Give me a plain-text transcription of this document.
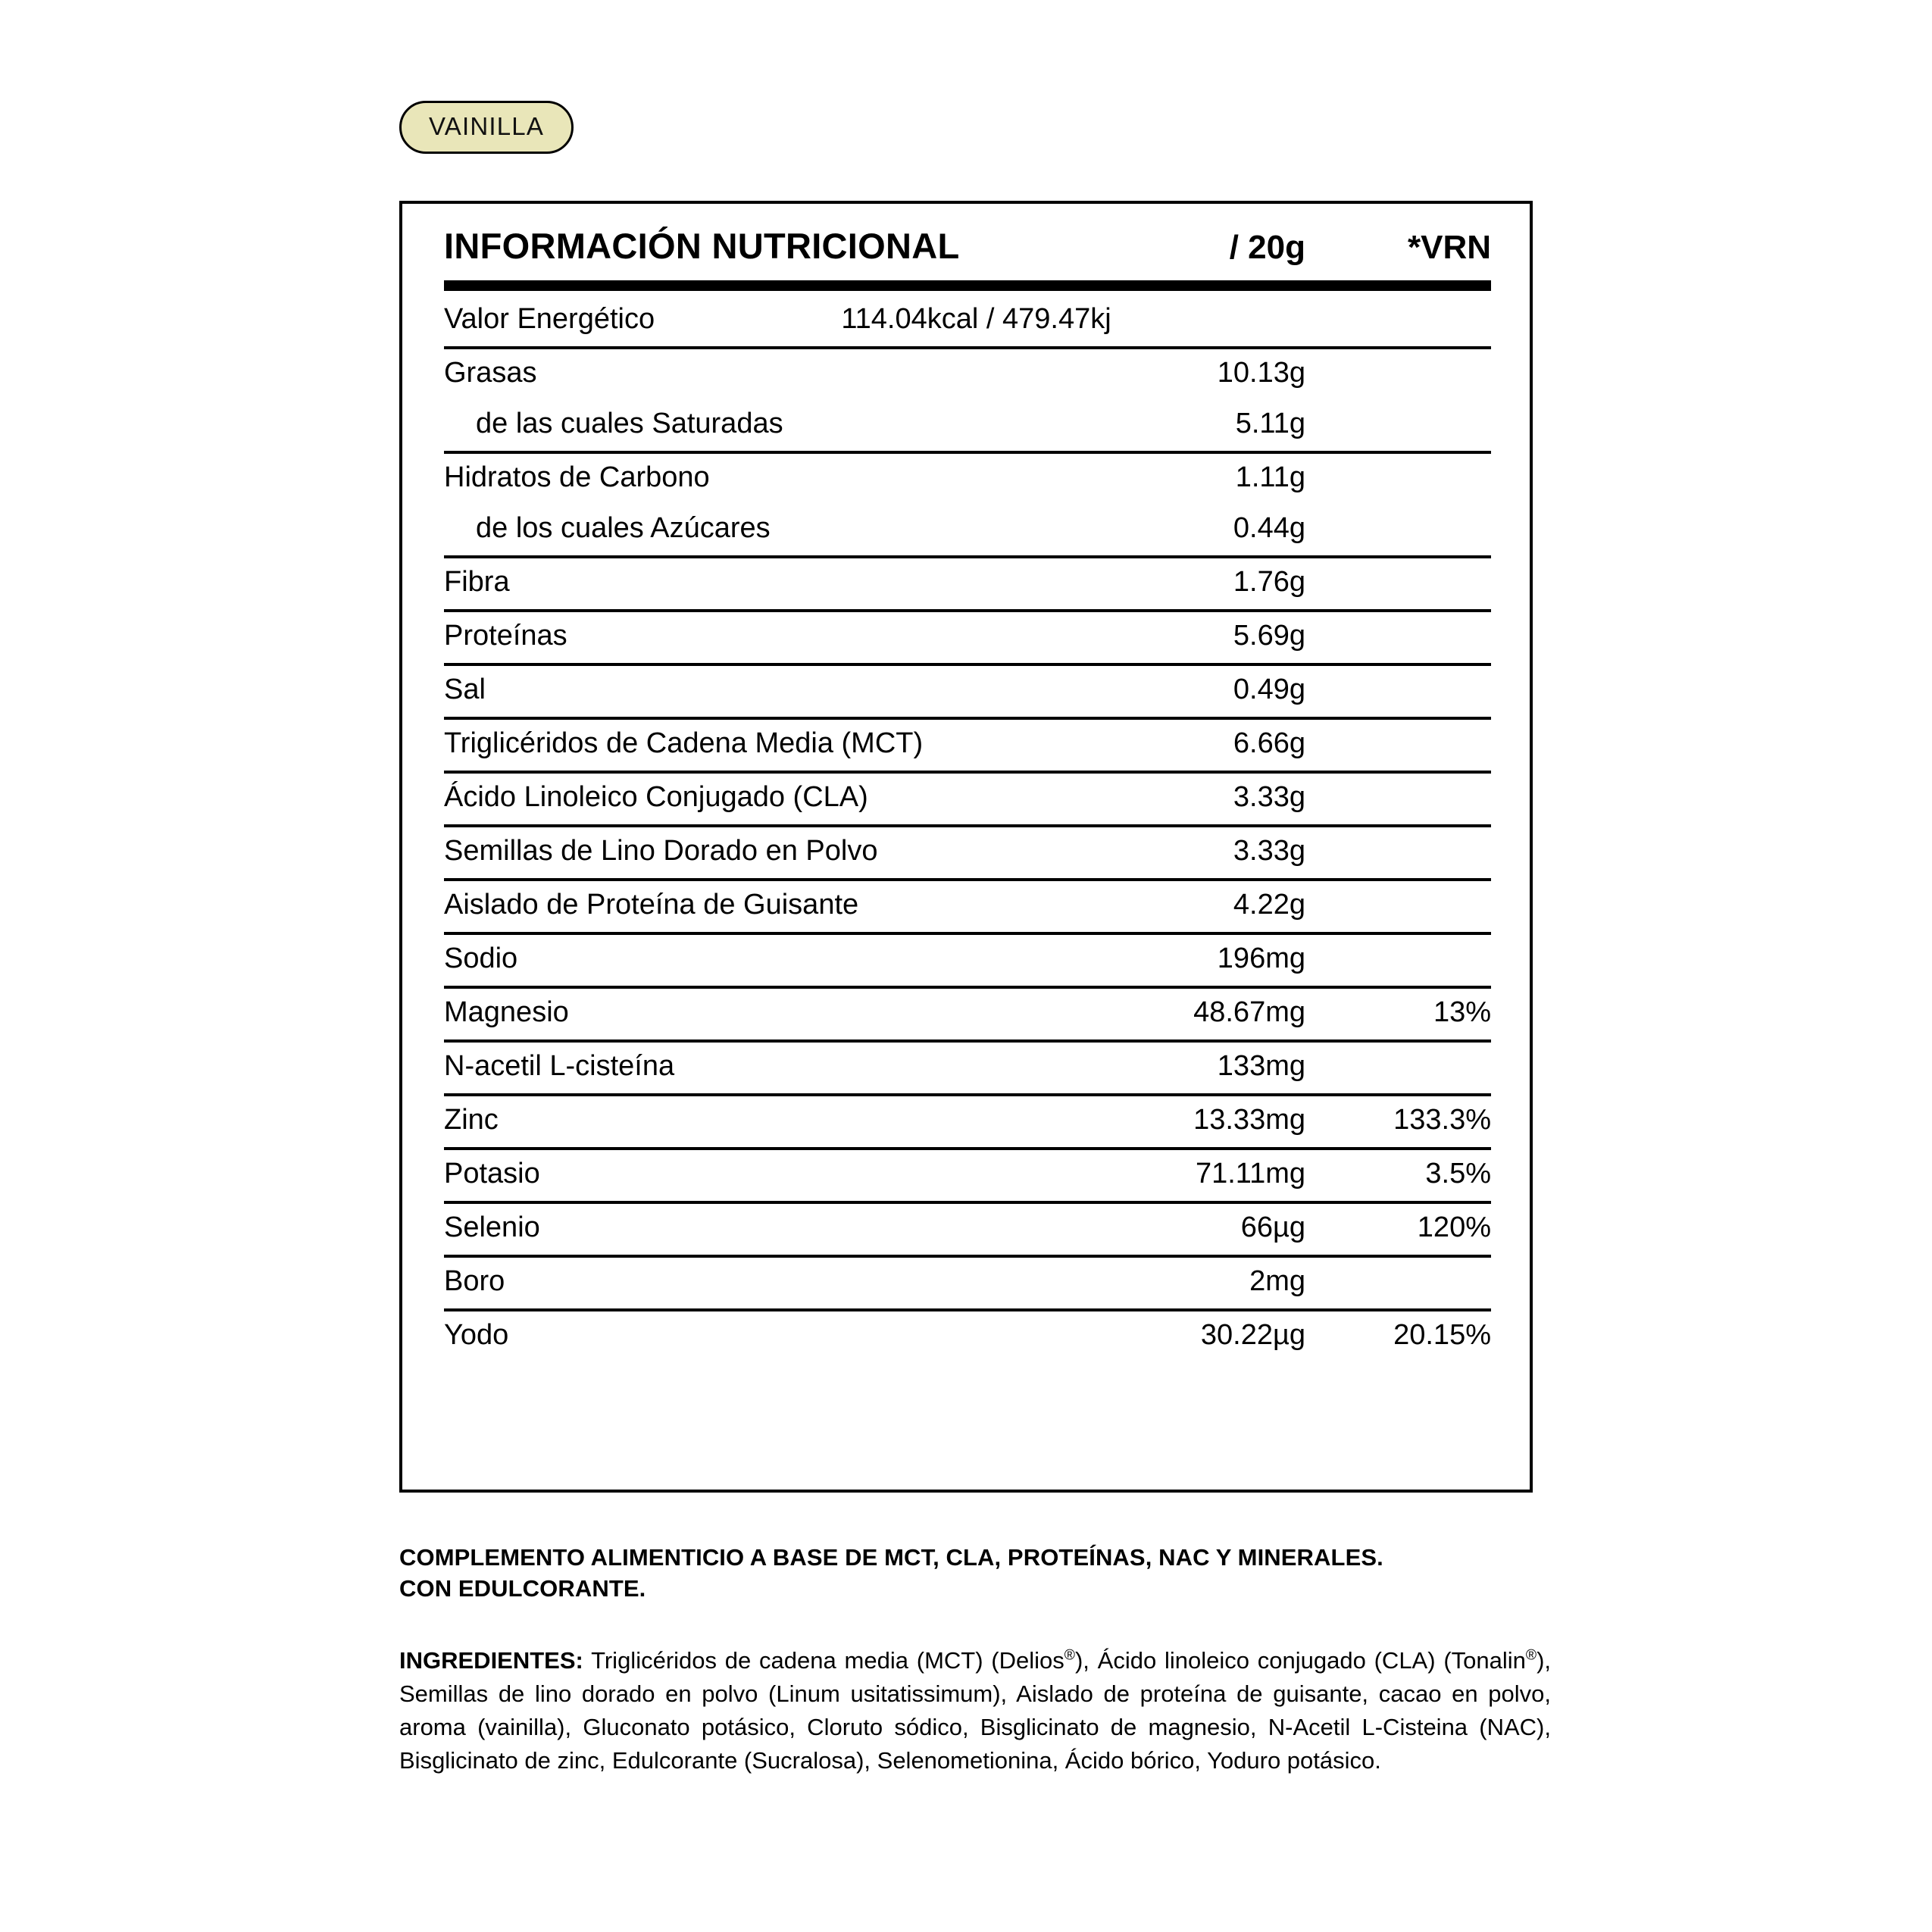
VAINILLA
INFORMACIÓN NUTRICIONAL	/ 20g	*VRN
Valor Energético	114.04kcal / 479.47kj
Grasas	10.13g
de las cuales Saturadas	5.11g
Hidratos de Carbono	1.11g
de los cuales Azúcares	0.44g
Fibra	1.76g
Proteínas	5.69g
Sal	0.49g
Triglicéridos de Cadena Media (MCT)	6.66g
Ácido Linoleico Conjugado (CLA)	3.33g
Semillas de Lino Dorado en Polvo	3.33g
Aislado de Proteína de Guisante	4.22g
Sodio	196mg
Magnesio	48.67mg	13%
N-acetil L-cisteína	133mg
Zinc	13.33mg	133.3%
Potasio	71.11mg	3.5%
Selenio	66µg	120%
Boro	2mg
Yodo	30.22µg	20.15%
COMPLEMENTO ALIMENTICIO A BASE DE MCT, CLA, PROTEÍNAS, NAC Y MINERALES.
CON EDULCORANTE.
INGREDIENTES: Triglicéridos de cadena media (MCT) (Delios®), Ácido linoleico conjugado (CLA) (Tonalin®), Semillas de lino dorado en polvo (Linum usitatissimum), Aislado de proteína de guisante, cacao en polvo, aroma (vainilla), Gluconato potásico, Cloruto sódico, Bisglicinato de magnesio, N-Acetil L-Cisteina (NAC), Bisglicinato de zinc, Edulcorante (Sucralosa), Selenometionina, Ácido bórico, Yoduro potásico.
